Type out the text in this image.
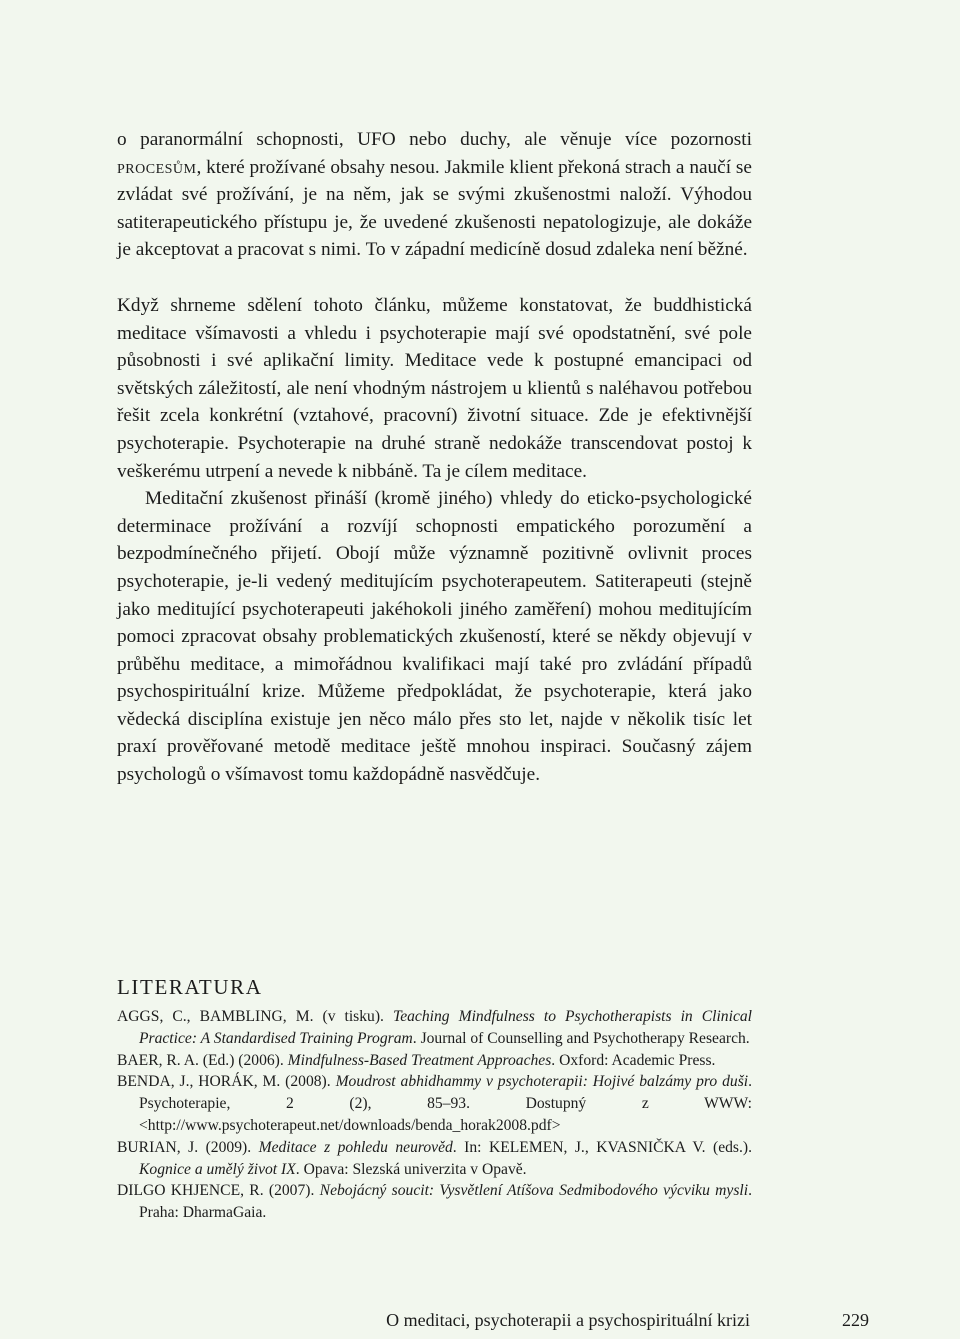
o paranormální schopnosti, UFO nebo duchy, ale věnuje více pozornosti procesům, které prožívané obsahy nesou. Jakmile klient překoná strach a naučí se zvládat své prožívání, je na něm, jak se svými zkušenostmi naloží. Výhodou satiterapeutického přístupu je, že uvedené zkušenosti nepatologizuje, ale dokáže je akceptovat a pracovat s nimi. To v západní medicíně dosud zdaleka není běžné.

Když shrneme sdělení tohoto článku, můžeme konstatovat, že buddhistická meditace všímavosti a vhledu i psychoterapie mají své opodstatnění, své pole působnosti i své aplikační limity. Meditace vede k postupné emancipaci od světských záležitostí, ale není vhodným nástrojem u klientů s naléhavou potřebou řešit zcela konkrétní (vztahové, pracovní) životní situace. Zde je efektivnější psychoterapie. Psychoterapie na druhé straně nedokáže transcendovat postoj k veškerému utrpení a nevede k nibbáně. Ta je cílem meditace.

Meditační zkušenost přináší (kromě jiného) vhledy do eticko-psychologické determinace prožívání a rozvíjí schopnosti empatického porozumění a bezpodmínečného přijetí. Obojí může významně pozitivně ovlivnit proces psychoterapie, je-li vedený meditujícím psychoterapeutem. Satiterapeuti (stejně jako meditující psychoterapeuti jakéhokoli jiného zaměření) mohou meditujícím pomoci zpracovat obsahy problematických zkušeností, které se někdy objevují v průběhu meditace, a mimořádnou kvalifikaci mají také pro zvládání případů psychospirituální krize. Můžeme předpokládat, že psychoterapie, která jako vědecká disciplína existuje jen něco málo přes sto let, najde v několik tisíc let praxí prověřované metodě meditace ještě mnohou inspiraci. Současný zájem psychologů o všímavost tomu každopádně nasvědčuje.

LITERATURA

AGGS, C., BAMBLING, M. (v tisku). Teaching Mindfulness to Psychotherapists in Clinical Practice: A Standardised Training Program. Journal of Counselling and Psychotherapy Research.

BAER, R. A. (Ed.) (2006). Mindfulness-Based Treatment Approaches. Oxford: Academic Press.

BENDA, J., HORÁK, M. (2008). Moudrost abhidhammy v psychoterapii: Hojivé balzámy pro duši. Psychoterapie, 2 (2), 85–93. Dostupný z WWW: <http://www.psychoterapeut.net/downloads/benda_horak2008.pdf>

BURIAN, J. (2009). Meditace z pohledu neurověd. In: KELEMEN, J., KVASNIČKA V. (eds.). Kognice a umělý život IX. Opava: Slezská univerzita v Opavě.

DILGO KHJENCE, R. (2007). Nebojácný soucit: Vysvětlení Atíšova Sedmibodového výcviku mysli. Praha: DharmaGaia.

O meditaci, psychoterapii a psychospirituální krizi	229
